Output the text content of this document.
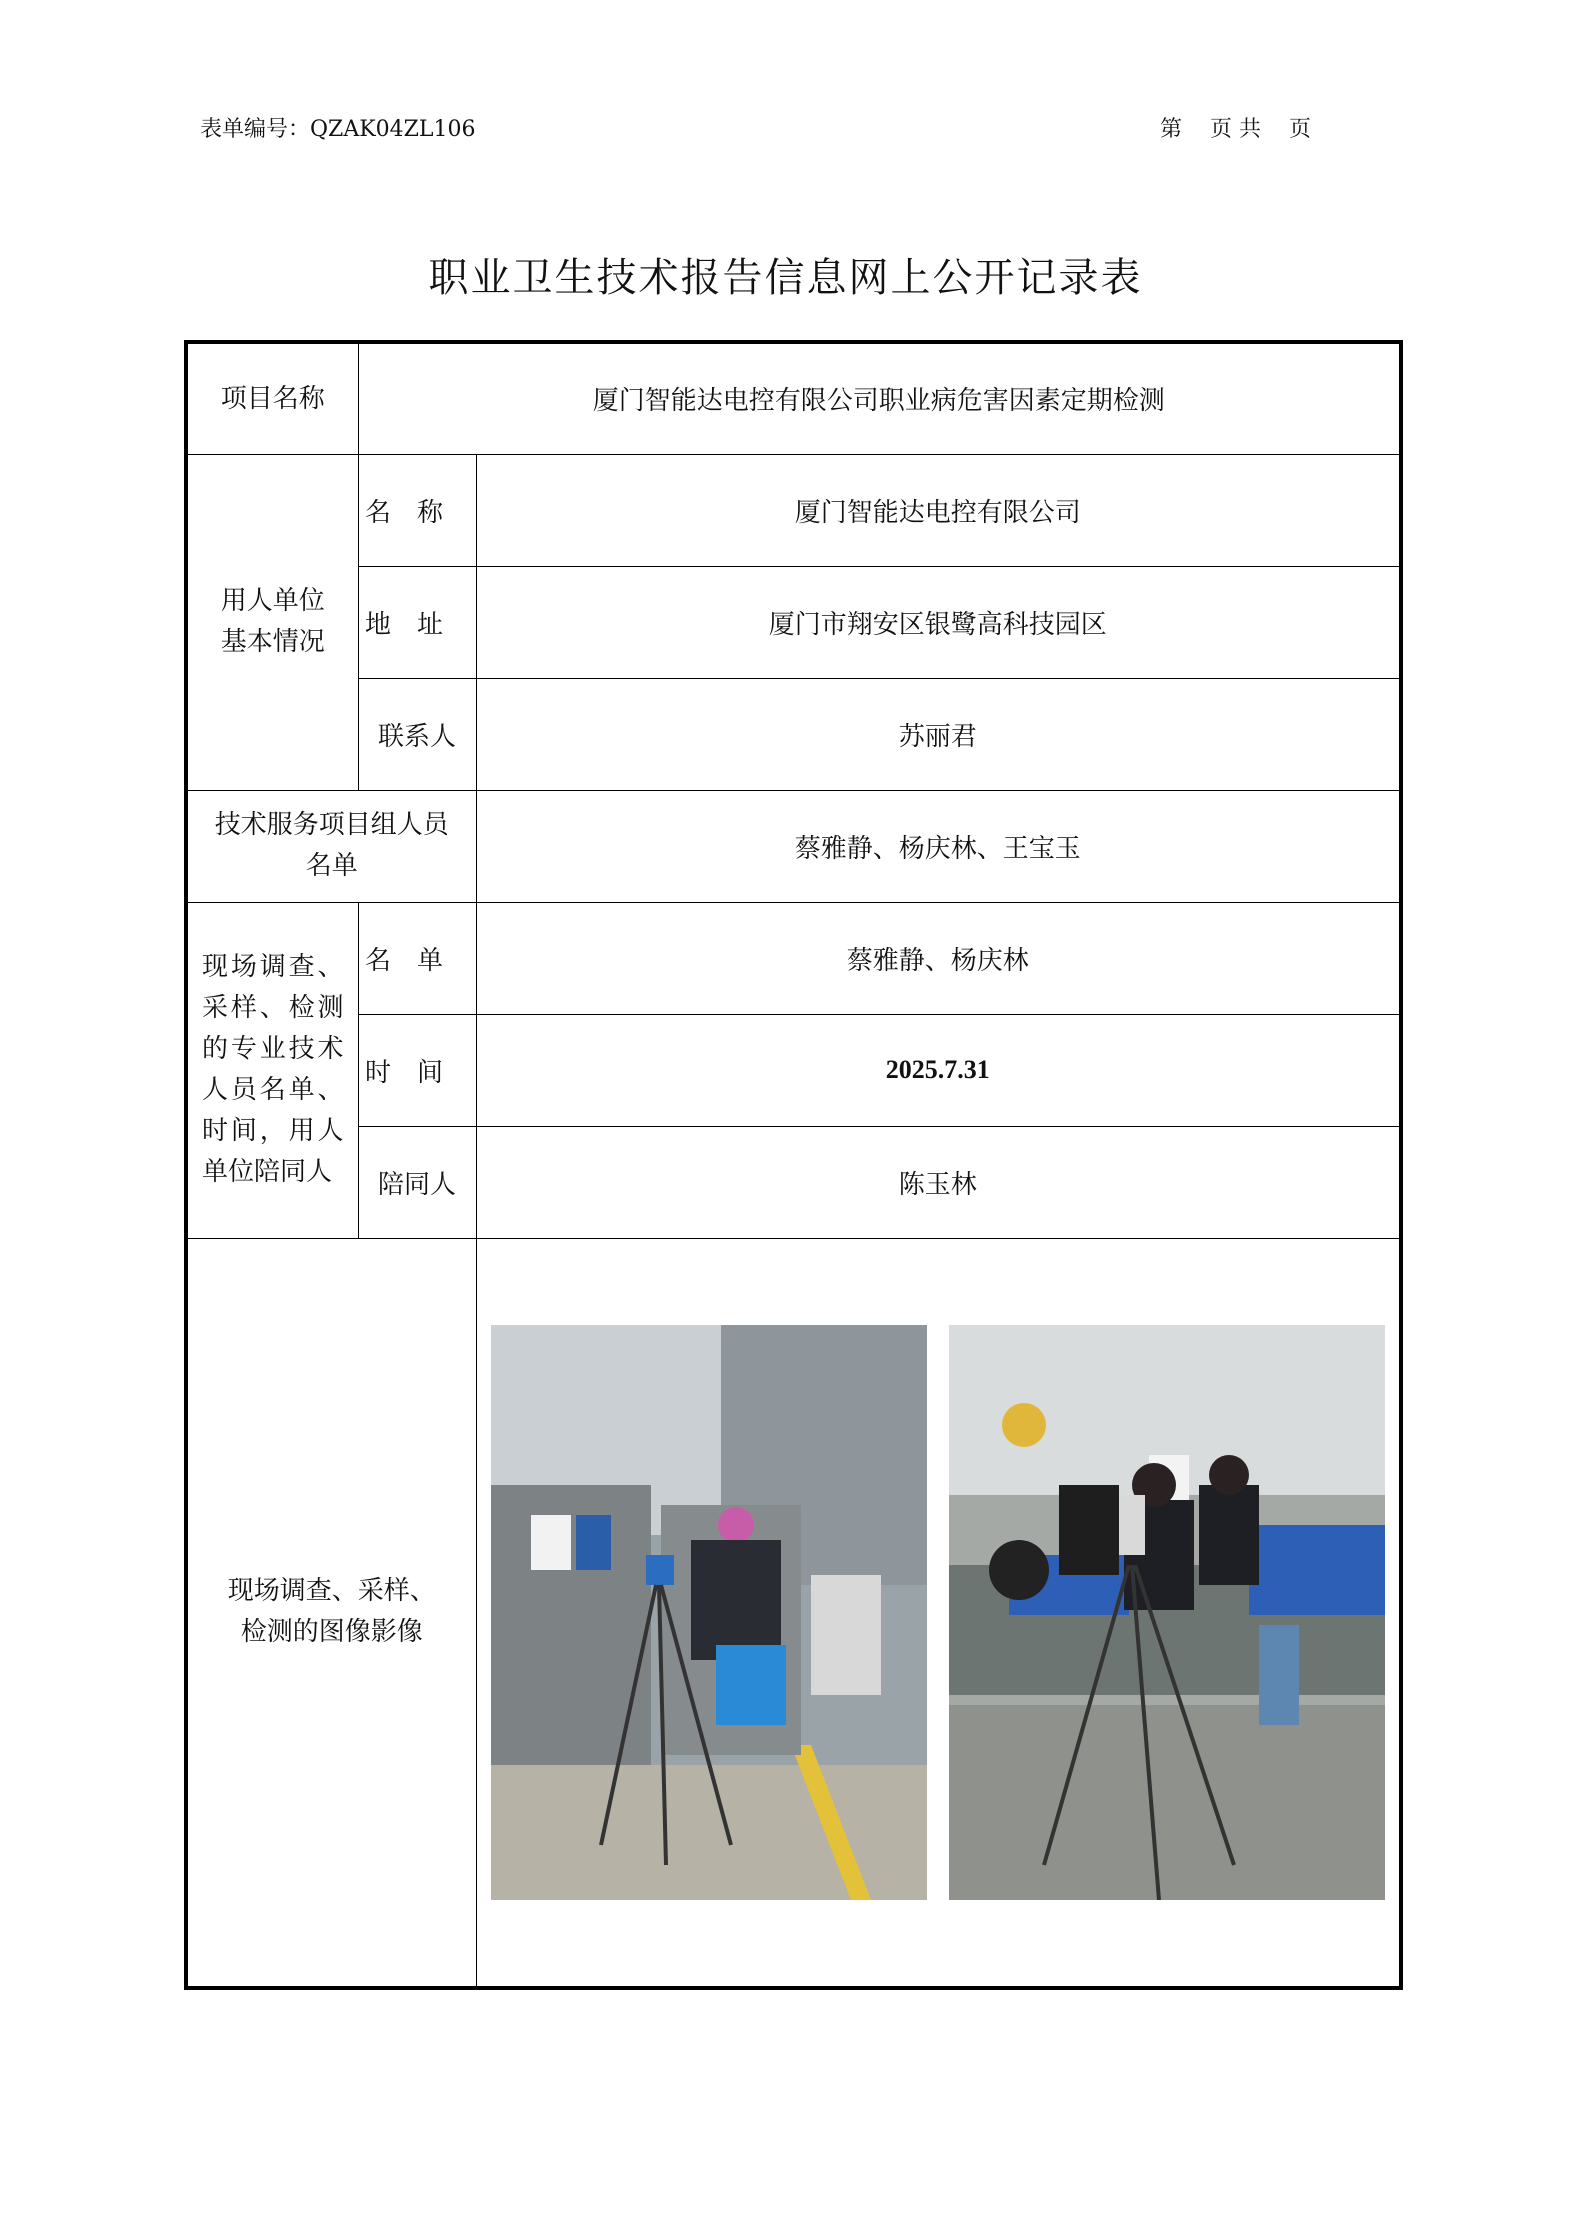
表单编号：QZAK04ZL106	第    页 共    页
职业卫生技术报告信息网上公开记录表
项目名称	厦门智能达电控有限公司职业病危害因素定期检测	
用人单位基本情况	名称	厦门智能达电控有限公司
	地址	厦门市翔安区银鹭高科技园区
	联系人	苏丽君
技术服务项目组人员名单		蔡雅静、杨庆林、王宝玉
现场调查、采样、检测的专业技术人员名单、时间，用人单位陪同人	名单	蔡雅静、杨庆林
	时间	2025.7.31
	陪同人	陈玉林
现场调查、采样、检测的图像影像	
